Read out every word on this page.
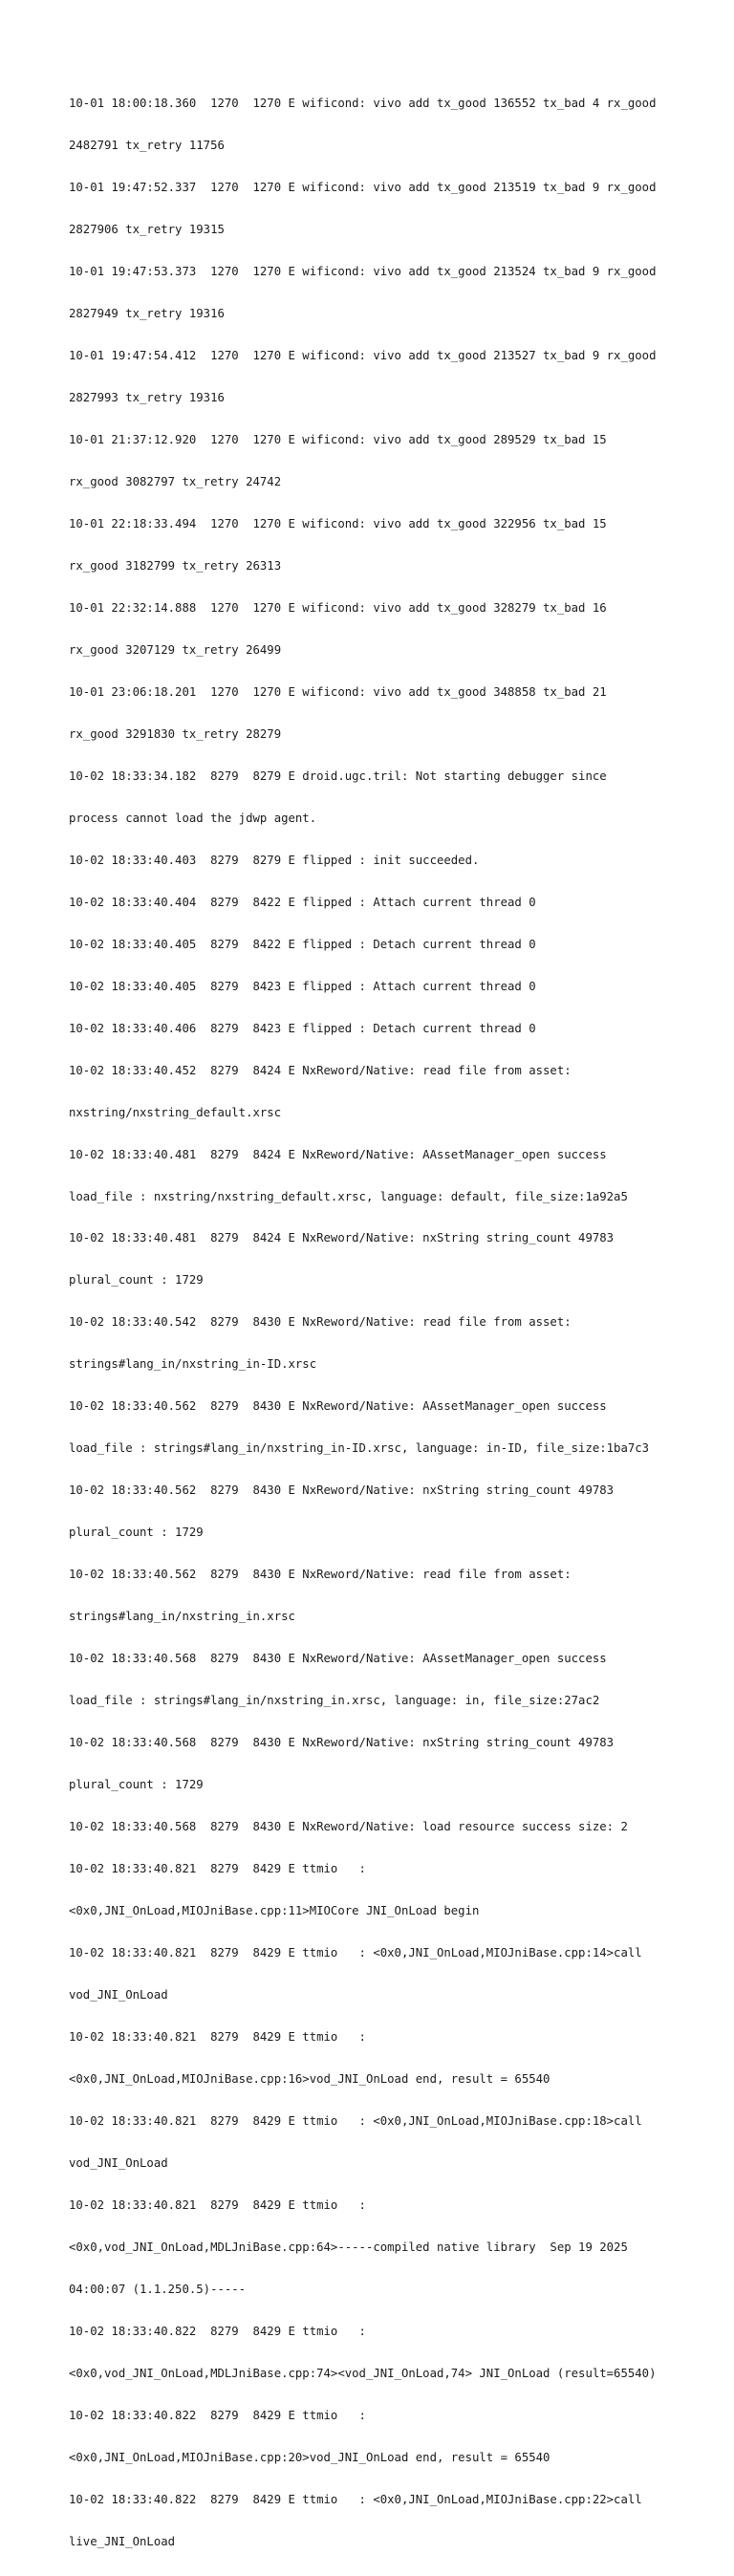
10-01 18:00:18.360  1270  1270 E wificond: vivo add tx_good 136552 tx_bad 4 rx_good

2482791 tx_retry 11756

10-01 19:47:52.337  1270  1270 E wificond: vivo add tx_good 213519 tx_bad 9 rx_good

2827906 tx_retry 19315

10-01 19:47:53.373  1270  1270 E wificond: vivo add tx_good 213524 tx_bad 9 rx_good

2827949 tx_retry 19316

10-01 19:47:54.412  1270  1270 E wificond: vivo add tx_good 213527 tx_bad 9 rx_good

2827993 tx_retry 19316

10-01 21:37:12.920  1270  1270 E wificond: vivo add tx_good 289529 tx_bad 15

rx_good 3082797 tx_retry 24742

10-01 22:18:33.494  1270  1270 E wificond: vivo add tx_good 322956 tx_bad 15

rx_good 3182799 tx_retry 26313

10-01 22:32:14.888  1270  1270 E wificond: vivo add tx_good 328279 tx_bad 16

rx_good 3207129 tx_retry 26499

10-01 23:06:18.201  1270  1270 E wificond: vivo add tx_good 348858 tx_bad 21

rx_good 3291830 tx_retry 28279

10-02 18:33:34.182  8279  8279 E droid.ugc.tril: Not starting debugger since

process cannot load the jdwp agent.

10-02 18:33:40.403  8279  8279 E flipped : init succeeded.

10-02 18:33:40.404  8279  8422 E flipped : Attach current thread 0

10-02 18:33:40.405  8279  8422 E flipped : Detach current thread 0

10-02 18:33:40.405  8279  8423 E flipped : Attach current thread 0

10-02 18:33:40.406  8279  8423 E flipped : Detach current thread 0

10-02 18:33:40.452  8279  8424 E NxReword/Native: read file from asset:

nxstring/nxstring_default.xrsc

10-02 18:33:40.481  8279  8424 E NxReword/Native: AAssetManager_open success

load_file : nxstring/nxstring_default.xrsc, language: default, file_size:1a92a5

10-02 18:33:40.481  8279  8424 E NxReword/Native: nxString string_count 49783

plural_count : 1729

10-02 18:33:40.542  8279  8430 E NxReword/Native: read file from asset:

strings#lang_in/nxstring_in-ID.xrsc

10-02 18:33:40.562  8279  8430 E NxReword/Native: AAssetManager_open success

load_file : strings#lang_in/nxstring_in-ID.xrsc, language: in-ID, file_size:1ba7c3

10-02 18:33:40.562  8279  8430 E NxReword/Native: nxString string_count 49783

plural_count : 1729

10-02 18:33:40.562  8279  8430 E NxReword/Native: read file from asset:

strings#lang_in/nxstring_in.xrsc

10-02 18:33:40.568  8279  8430 E NxReword/Native: AAssetManager_open success

load_file : strings#lang_in/nxstring_in.xrsc, language: in, file_size:27ac2

10-02 18:33:40.568  8279  8430 E NxReword/Native: nxString string_count 49783

plural_count : 1729

10-02 18:33:40.568  8279  8430 E NxReword/Native: load resource success size: 2

10-02 18:33:40.821  8279  8429 E ttmio   :

<0x0,JNI_OnLoad,MIOJniBase.cpp:11>MIOCore JNI_OnLoad begin

10-02 18:33:40.821  8279  8429 E ttmio   : <0x0,JNI_OnLoad,MIOJniBase.cpp:14>call

vod_JNI_OnLoad

10-02 18:33:40.821  8279  8429 E ttmio   :

<0x0,JNI_OnLoad,MIOJniBase.cpp:16>vod_JNI_OnLoad end, result = 65540

10-02 18:33:40.821  8279  8429 E ttmio   : <0x0,JNI_OnLoad,MIOJniBase.cpp:18>call

vod_JNI_OnLoad

10-02 18:33:40.821  8279  8429 E ttmio   :

<0x0,vod_JNI_OnLoad,MDLJniBase.cpp:64>-----compiled native library  Sep 19 2025

04:00:07 (1.1.250.5)-----

10-02 18:33:40.822  8279  8429 E ttmio   :

<0x0,vod_JNI_OnLoad,MDLJniBase.cpp:74><vod_JNI_OnLoad,74> JNI_OnLoad (result=65540)

10-02 18:33:40.822  8279  8429 E ttmio   :

<0x0,JNI_OnLoad,MIOJniBase.cpp:20>vod_JNI_OnLoad end, result = 65540

10-02 18:33:40.822  8279  8429 E ttmio   : <0x0,JNI_OnLoad,MIOJniBase.cpp:22>call

live_JNI_OnLoad
